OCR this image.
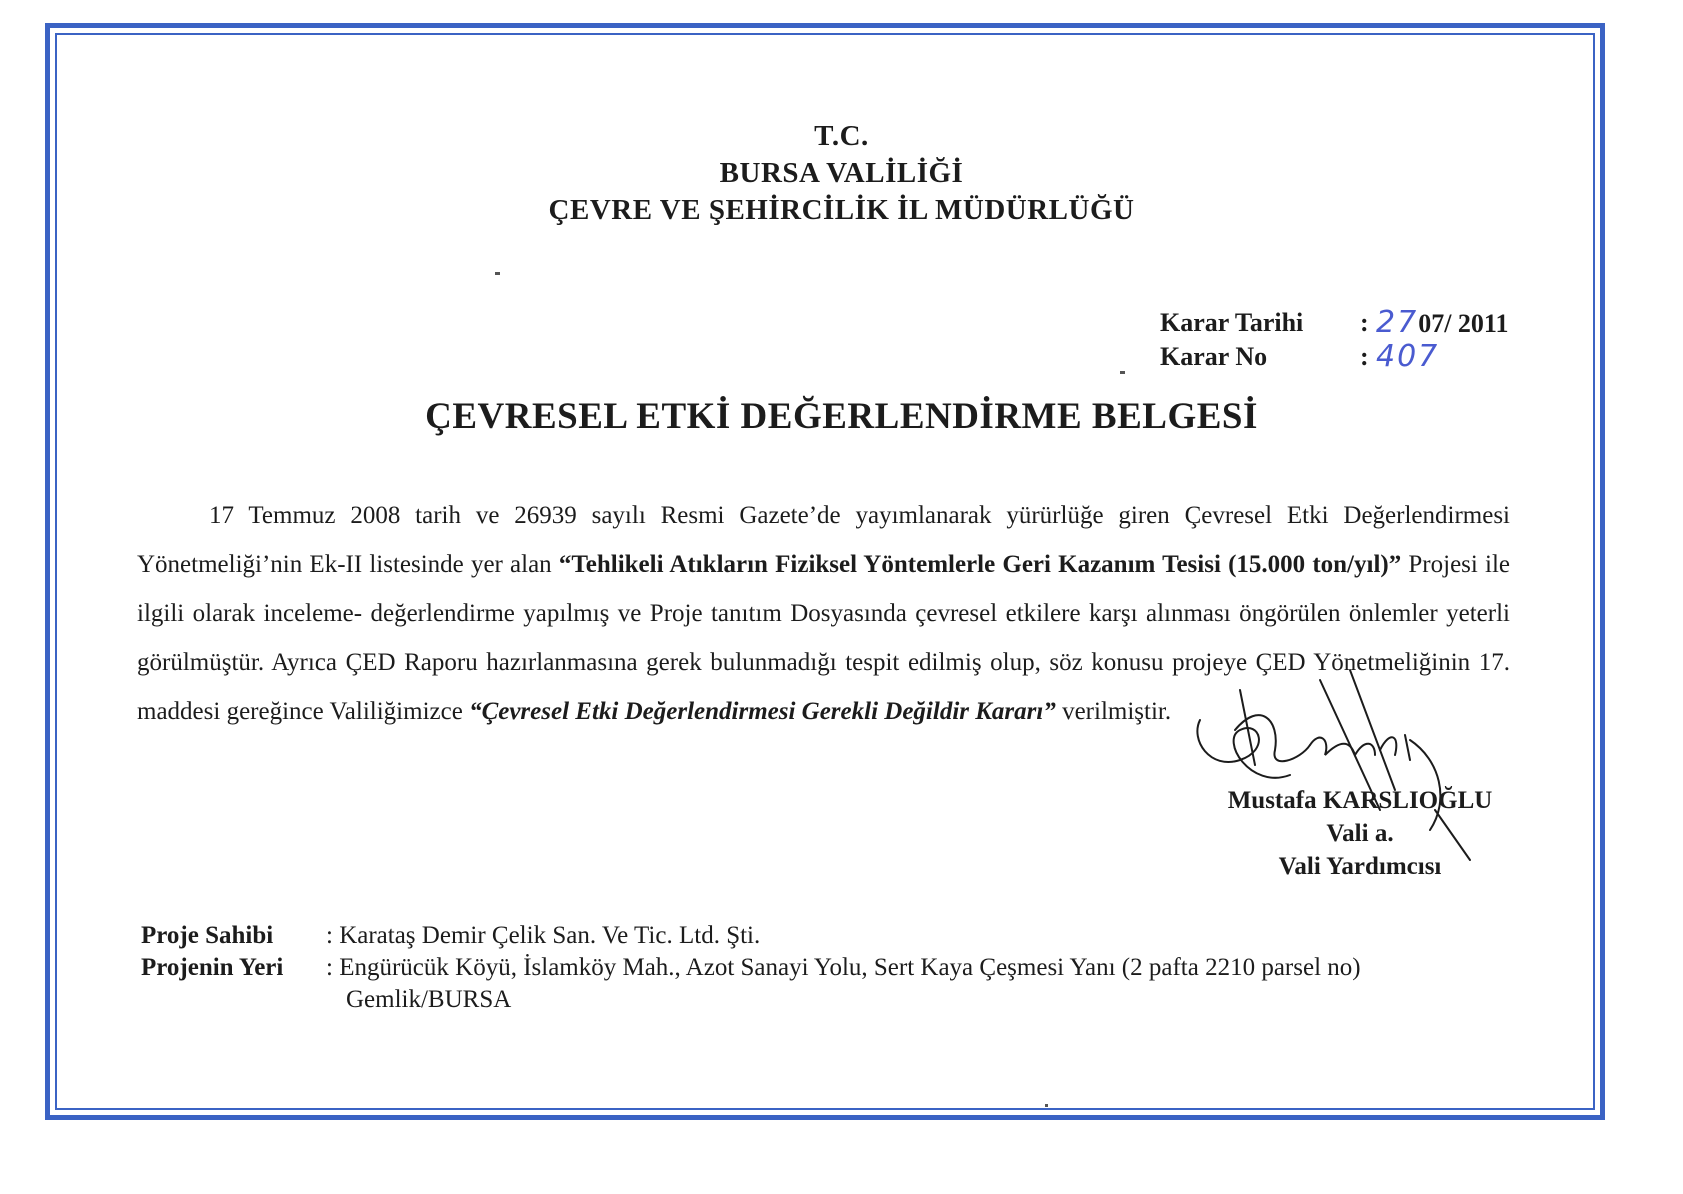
T.C.
BURSA VALİLİĞİ
ÇEVRE VE ŞEHİRCİLİK İL MÜDÜRLÜĞÜ
Karar Tarihi	: 2707/ 2011
Karar No	: 407
ÇEVRESEL ETKİ DEĞERLENDİRME BELGESİ
17 Temmuz 2008 tarih ve 26939 sayılı Resmi Gazete’de yayımlanarak yürürlüğe giren Çevresel Etki Değerlendirmesi Yönetmeliği’nin Ek-II listesinde yer alan “Tehlikeli Atıkların Fiziksel Yöntemlerle Geri Kazanım Tesisi (15.000 ton/yıl)” Projesi ile ilgili olarak inceleme- değerlendirme yapılmış ve Proje tanıtım Dosyasında çevresel etkilere karşı alınması öngörülen önlemler yeterli görülmüştür. Ayrıca ÇED Raporu hazırlanmasına gerek bulunmadığı tespit edilmiş olup, söz konusu projeye ÇED Yönetmeliğinin 17. maddesi gereğince Valiliğimizce “Çevresel Etki Değerlendirmesi Gerekli Değildir Kararı” verilmiştir.
Mustafa KARSLIOĞLU
Vali a.
Vali Yardımcısı
Proje Sahibi	: Karataş Demir Çelik San. Ve Tic. Ltd. Şti.
Projenin Yeri	: Engürücük Köyü, İslamköy Mah., Azot Sanayi Yolu, Sert Kaya Çeşmesi Yanı (2 pafta 2210 parsel no)
Gemlik/BURSA
